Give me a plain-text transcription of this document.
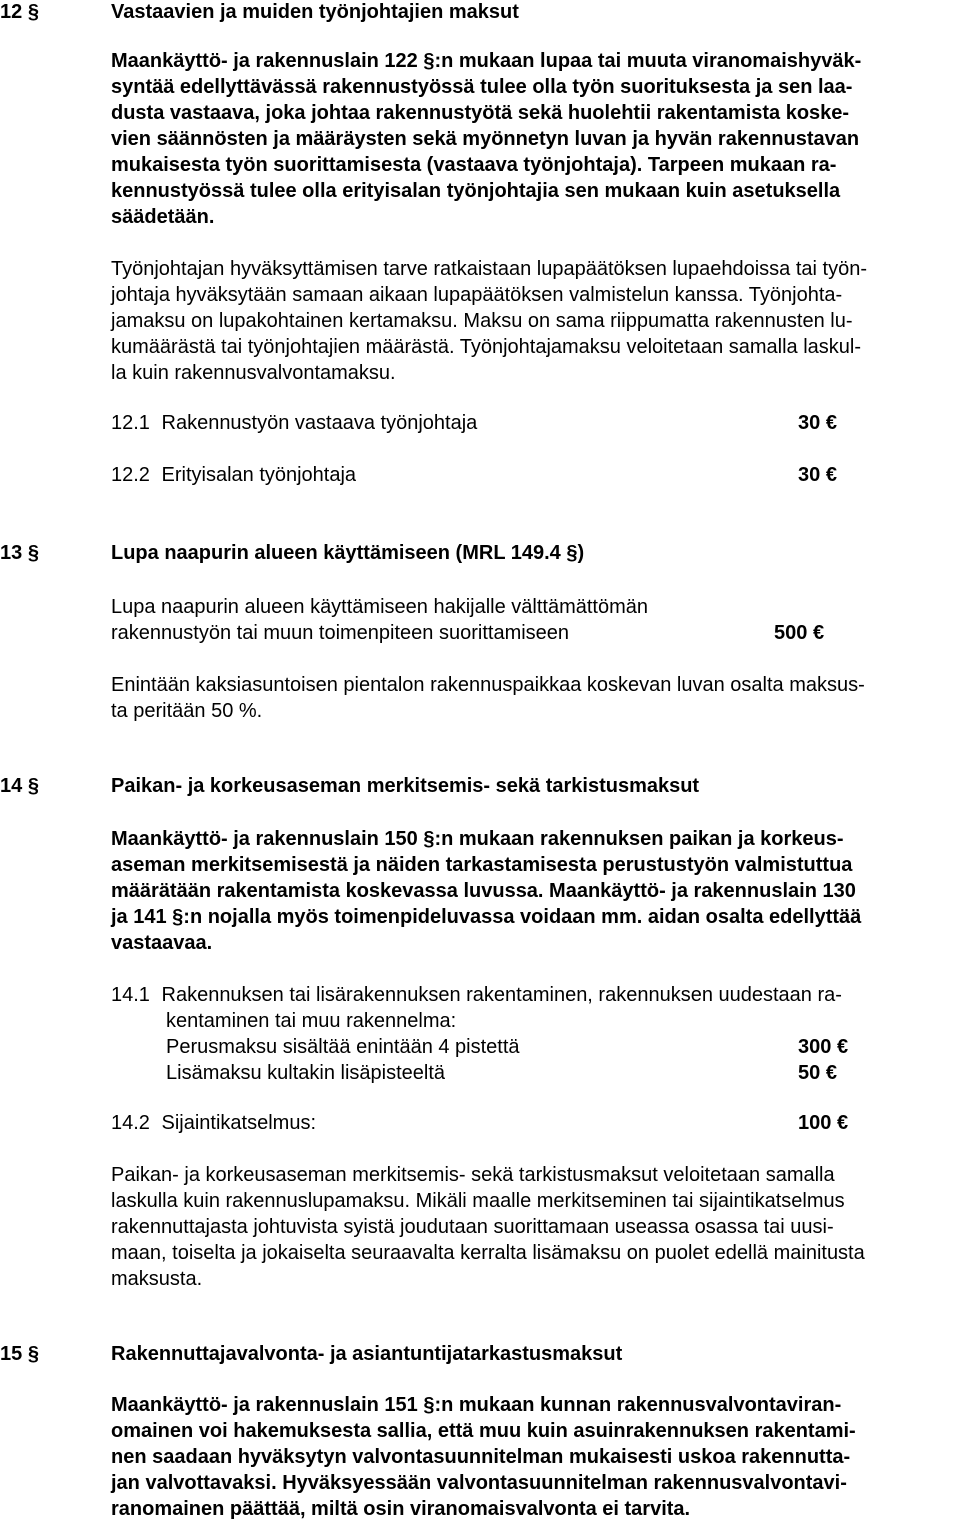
12 §	Vastaavien ja muiden työnjohtajien maksut
Maankäyttö- ja rakennuslain 122 §:n mukaan lupaa tai muuta viranomaishyväk-
syntää edellyttävässä rakennustyössä tulee olla työn suorituksesta ja sen laa-
dusta vastaava, joka johtaa rakennustyötä sekä huolehtii rakentamista koske-
vien säännösten ja määräysten sekä myönnetyn luvan ja hyvän rakennustavan
mukaisesta työn suorittamisesta (vastaava työnjohtaja). Tarpeen mukaan ra-
kennustyössä tulee olla erityisalan työnjohtajia sen mukaan kuin asetuksella
säädetään.
Työnjohtajan hyväksyttämisen tarve ratkaistaan lupapäätöksen lupaehdoissa tai työn-
johtaja hyväksytään samaan aikaan lupapäätöksen valmistelun kanssa. Työnjohta-
jamaksu on lupakohtainen kertamaksu. Maksu on sama riippumatta rakennusten lu-
kumäärästä tai työnjohtajien määrästä. Työnjohtajamaksu veloitetaan samalla laskul-
la kuin rakennusvalvontamaksu.
12.1 Rakennustyön vastaava työnjohtaja	30 €
12.2 Erityisalan työnjohtaja	30 €
13 §	Lupa naapurin alueen käyttämiseen (MRL 149.4 §)
Lupa naapurin alueen käyttämiseen hakijalle välttämättömän
rakennustyön tai muun toimenpiteen suorittamiseen	500 €
Enintään kaksiasuntoisen pientalon rakennuspaikkaa koskevan luvan osalta maksus-
ta peritään 50 %.
14 §	Paikan- ja korkeusaseman merkitsemis- sekä tarkistusmaksut
Maankäyttö- ja rakennuslain 150 §:n mukaan rakennuksen paikan ja korkeus-
aseman merkitsemisestä ja näiden tarkastamisesta perustustyön valmistuttua
määrätään rakentamista koskevassa luvussa. Maankäyttö- ja rakennuslain 130
ja 141 §:n nojalla myös toimenpideluvassa voidaan mm. aidan osalta edellyttää
vastaavaa.
14.1 Rakennuksen tai lisärakennuksen rakentaminen, rakennuksen uudestaan ra-
kentaminen tai muu rakennelma:
Perusmaksu sisältää enintään 4 pistettä	300 €
Lisämaksu kultakin lisäpisteeltä	50 €
14.2 Sijaintikatselmus:	100 €
Paikan- ja korkeusaseman merkitsemis- sekä tarkistusmaksut veloitetaan samalla
laskulla kuin rakennuslupamaksu. Mikäli maalle merkitseminen tai sijaintikatselmus
rakennuttajasta johtuvista syistä joudutaan suorittamaan useassa osassa tai uusi-
maan, toiselta ja jokaiselta seuraavalta kerralta lisämaksu on puolet edellä mainitusta
maksusta.
15 §	Rakennuttajavalvonta- ja asiantuntijatarkastusmaksut
Maankäyttö- ja rakennuslain 151 §:n mukaan kunnan rakennusvalvontaviran-
omainen voi hakemuksesta sallia, että muu kuin asuinrakennuksen rakentami-
nen saadaan hyväksytyn valvontasuunnitelman mukaisesti uskoa rakennutta-
jan valvottavaksi. Hyväksyessään valvontasuunnitelman rakennusvalvontavi-
ranomainen päättää, miltä osin viranomaisvalvonta ei tarvita.
